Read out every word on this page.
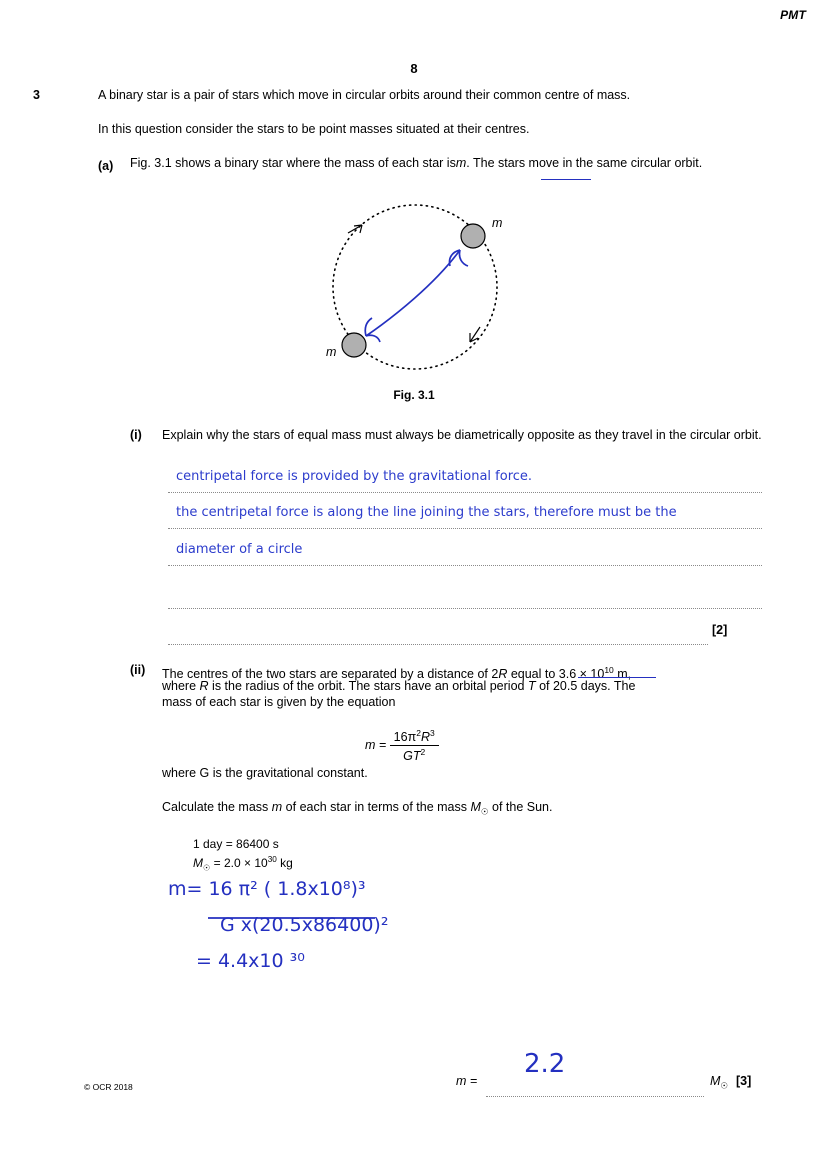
PMT
8
3	A binary star is a pair of stars which move in circular orbits around their common centre of mass.
In this question consider the stars to be point masses situated at their centres.
(a) Fig. 3.1 shows a binary star where the mass of each star ism. The stars move in the same circular orbit.
m
m
Fig. 3.1
(i) Explain why the stars of equal mass must always be diametrically opposite as they travel in the circular orbit.
centripetal force is provided by the gravitational force.
the centripetal force is along the line joining the stars, therefore must be the
diameter of a circle
[2]
(ii) The centres of the two stars are separated by a distance of 2R equal to $3.6 \times 10^{10}$ m,
where R is the radius of the orbit. The stars have an orbital period T of 20.5 days. The
mass of each star is given by the equation
$m = \frac{16\pi^2R^3}{GT^2}$
where G is the gravitational constant.
Calculate the mass m of each star in terms of the mass $M_☉$ of the Sun.
1 day = 86400 s
$M_☉ = 2.0 \times 10^{30}$ kg
m= 16 π² ( 1.8x10⁸)³
G x(20.5x86400)²
= 4.4x10 ³⁰
m =
2.2
$M_☉$ [3]
© OCR 2018
